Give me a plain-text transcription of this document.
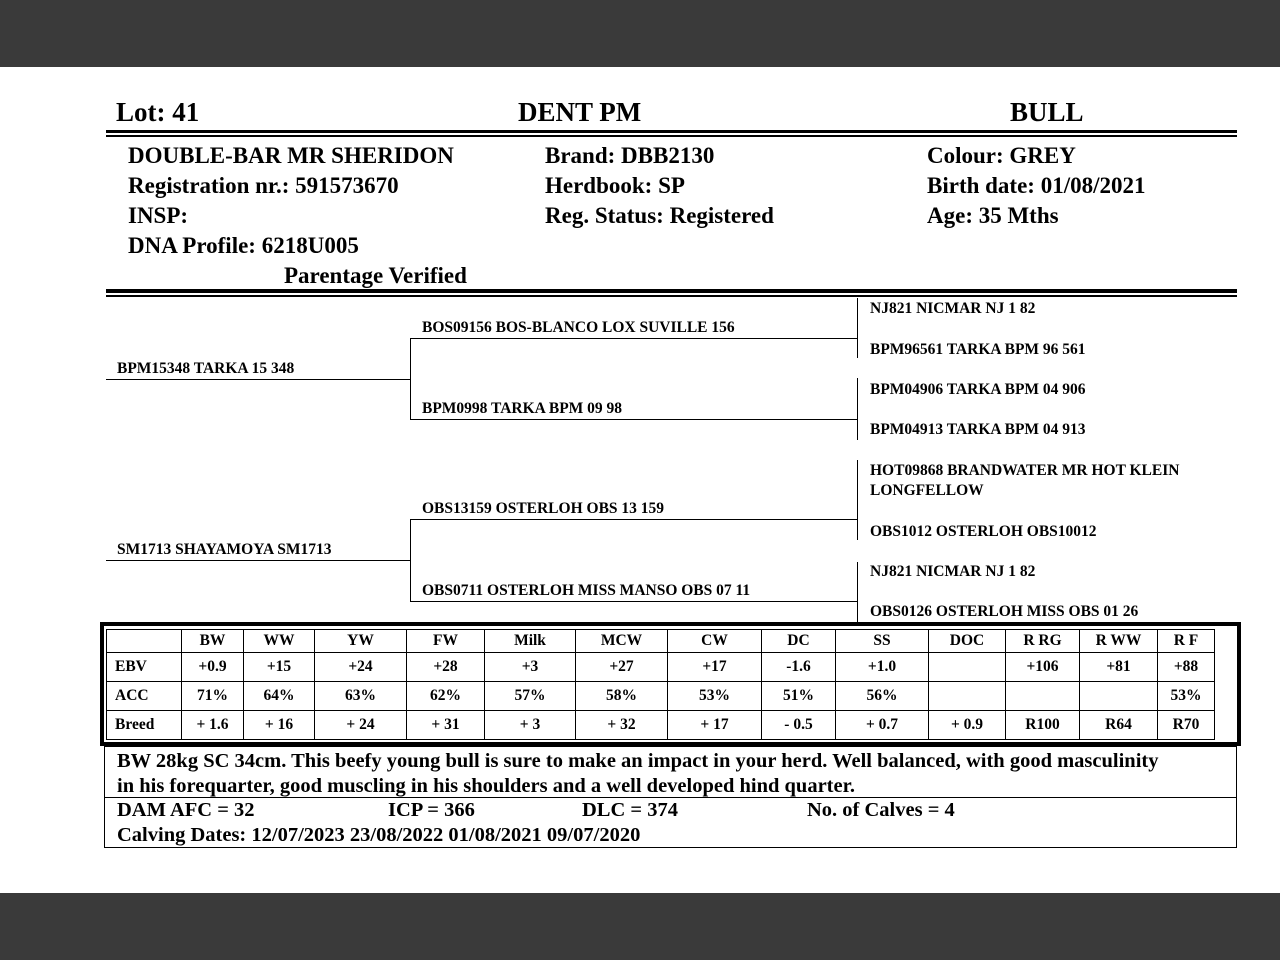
Lot: 41	DENT PM	BULL
DOUBLE-BAR MR SHERIDON
Registration nr.: 591573670
INSP:
DNA Profile: 6218U005
Parentage Verified
Brand: DBB2130
Herdbook: SP
Reg. Status: Registered
Colour: GREY
Birth date: 01/08/2021
Age: 35 Mths
BPM15348 TARKA 15 348
SM1713 SHAYAMOYA SM1713
BOS09156 BOS-BLANCO LOX SUVILLE 156
BPM0998 TARKA BPM 09 98
OBS13159 OSTERLOH OBS 13 159
OBS0711 OSTERLOH MISS MANSO OBS 07 11
NJ821 NICMAR NJ 1 82
BPM96561 TARKA BPM 96 561
BPM04906 TARKA BPM 04 906
BPM04913 TARKA BPM 04 913
HOT09868 BRANDWATER MR HOT KLEIN
LONGFELLOW
OBS1012 OSTERLOH OBS10012
NJ821 NICMAR NJ 1 82
OBS0126 OSTERLOH MISS OBS 01 26
	BW	WW	YW	FW	Milk	MCW	CW	DC	SS	DOC	R RG	R WW	R F
EBV	+0.9	+15	+24	+28	+3	+27	+17	-1.6	+1.0		+106	+81	+88
ACC	71%	64%	63%	62%	57%	58%	53%	51%	56%				53%
Breed	+ 1.6	+ 16	+ 24	+ 31	+ 3	+ 32	+ 17	- 0.5	+ 0.7	+ 0.9	R100	R64	R70
BW 28kg SC 34cm. This beefy young bull is sure to make an impact in your herd. Well balanced, with good masculinity
in his forequarter, good muscling in his shoulders and a well developed hind quarter.
DAM AFC = 32	ICP = 366	DLC = 374	No. of Calves = 4
Calving Dates: 12/07/2023 23/08/2022 01/08/2021 09/07/2020
